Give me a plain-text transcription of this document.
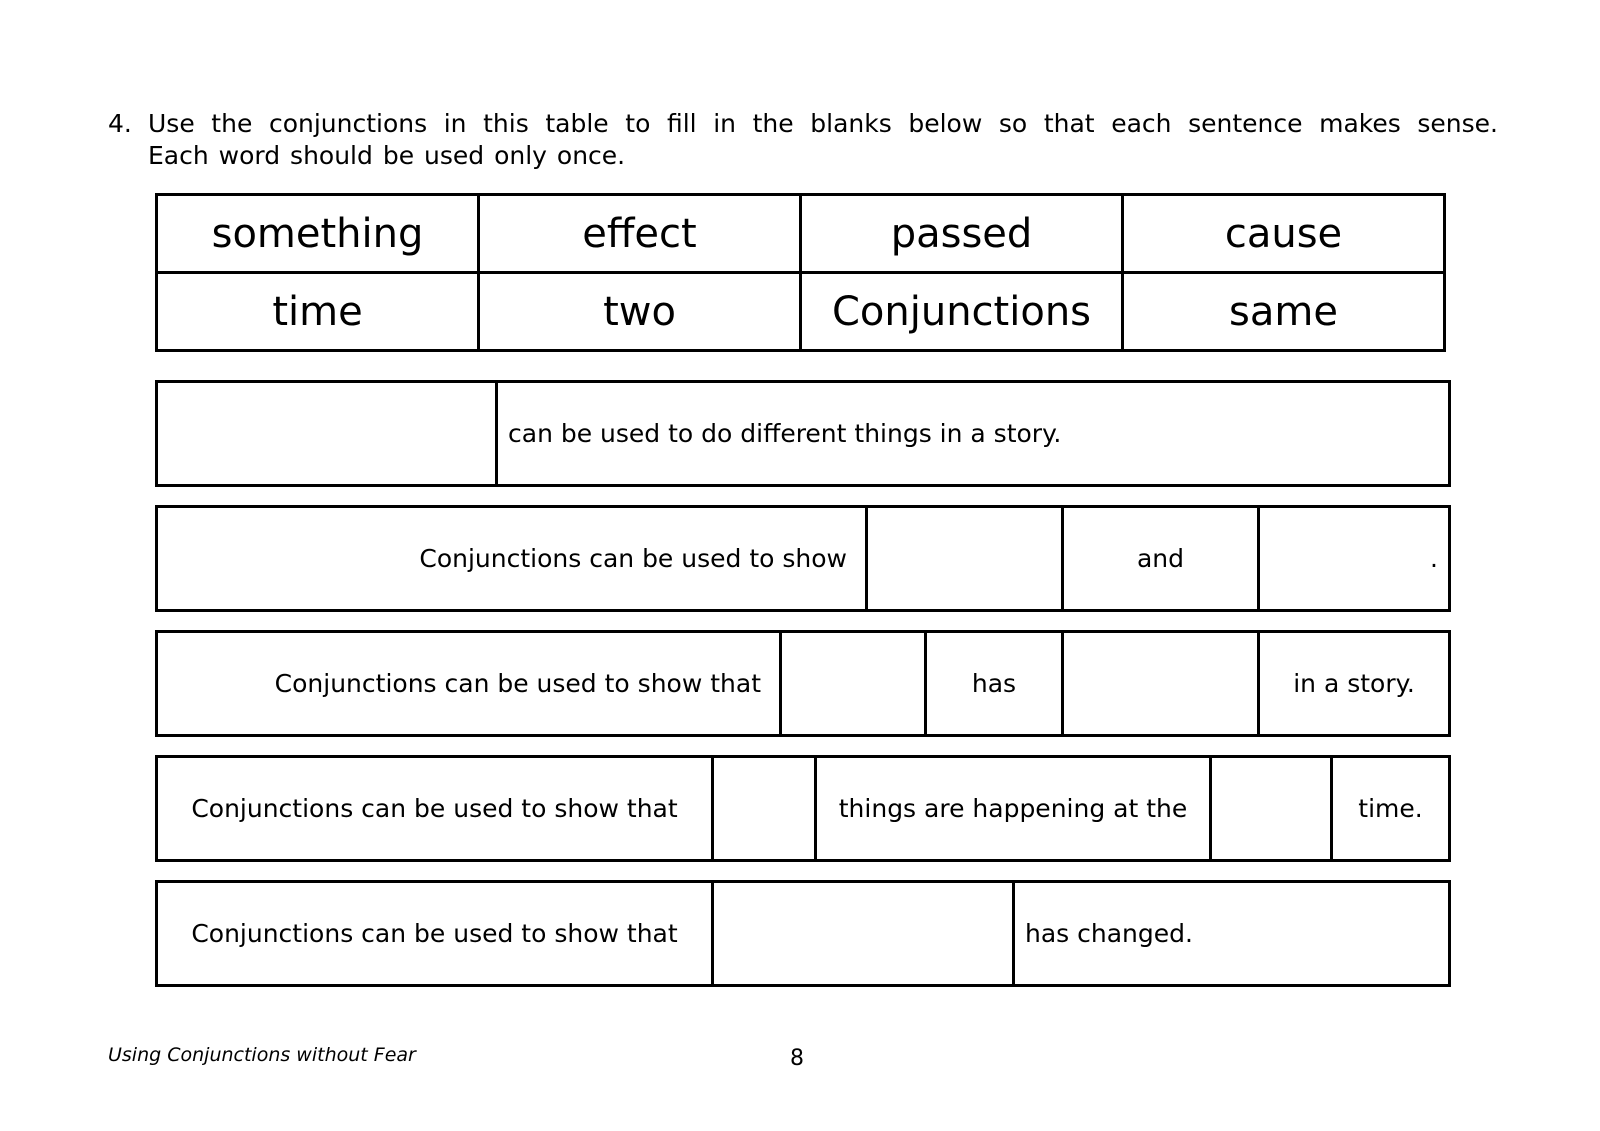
4. Use the conjunctions in this table to fill in the blanks below so that each sentence makes sense.
Each word should be used only once.
something	effect	passed	cause
time	two	Conjunctions	same
can be used to do different things in a story.
Conjunctions can be used to show	and	.
Conjunctions can be used to show that	has	in a story.
Conjunctions can be used to show that	things are happening at the	time.
Conjunctions can be used to show that	has changed.
Using Conjunctions without Fear	8
